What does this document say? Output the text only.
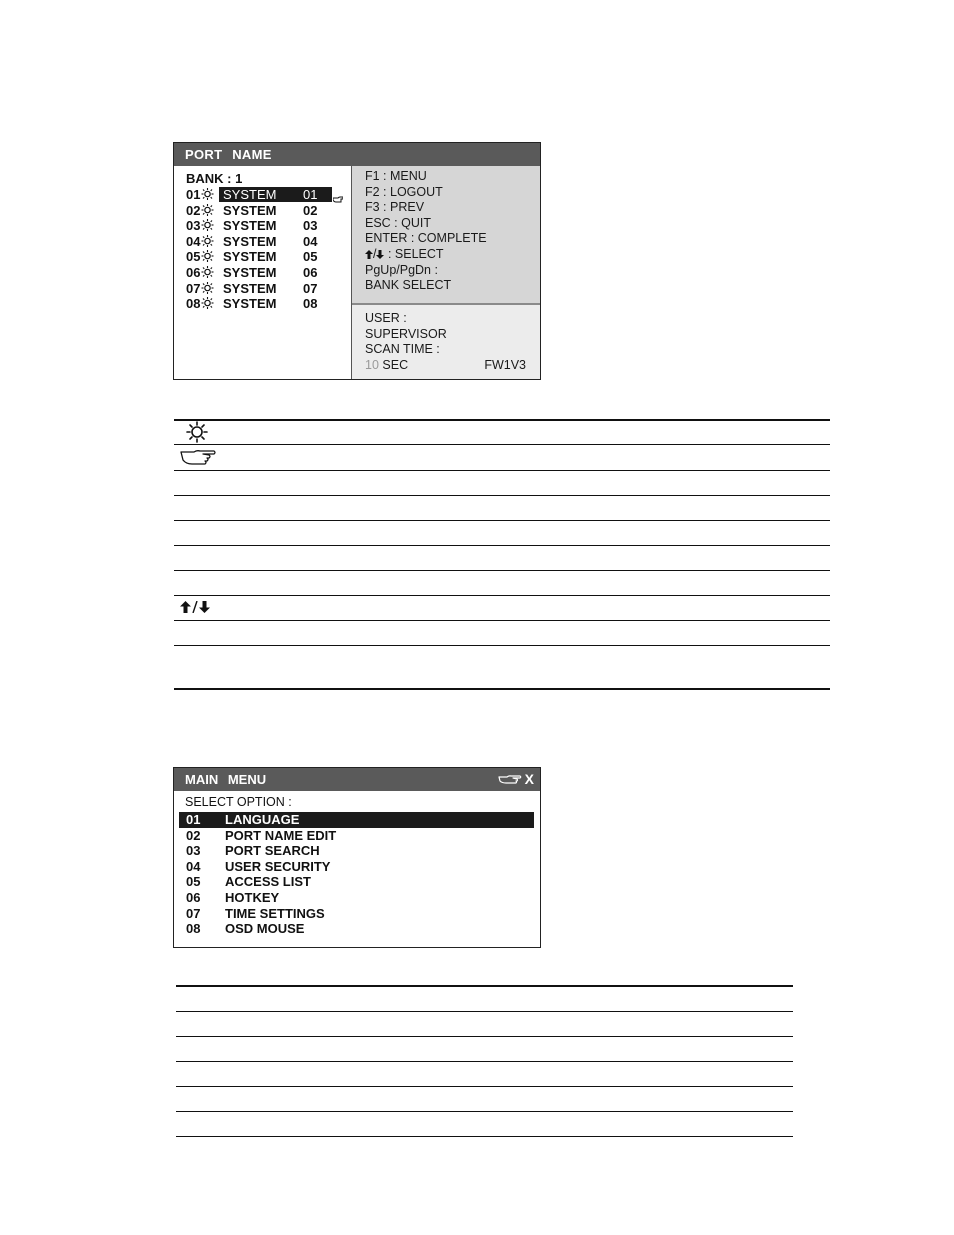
PORT NAME
BANK : 1
01 SYSTEM 01
02 SYSTEM 02
03 SYSTEM 03
04 SYSTEM 04
05 SYSTEM 05
06 SYSTEM 06
07 SYSTEM 07
08 SYSTEM 08
F1 : MENU
F2 : LOGOUT
F3 : PREV
ESC : QUIT
ENTER : COMPLETE
/ : SELECT
PgUp/PgDn :
BANK SELECT
USER :
SUPERVISOR
SCAN TIME :
10 SEC	FW1V3
MAIN MENU	X
SELECT OPTION :
01 LANGUAGE
02 PORT NAME EDIT
03 PORT SEARCH
04 USER SECURITY
05 ACCESS LIST
06 HOTKEY
07 TIME SETTINGS
08 OSD MOUSE
